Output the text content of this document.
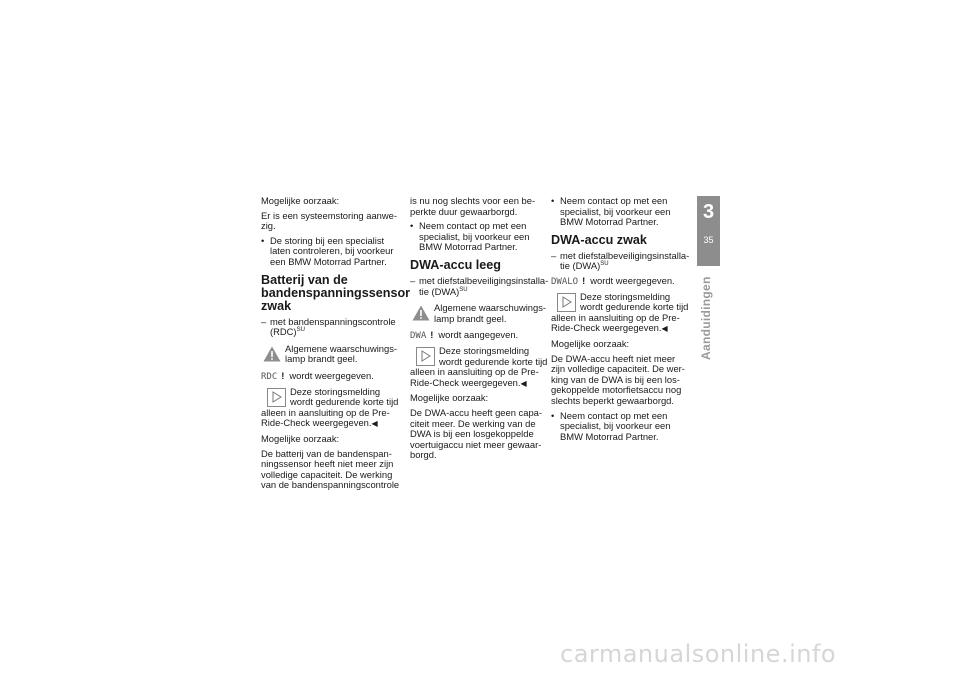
Mogelijke oorzaak:
Er is een systeemstoring aanwe-zig.
• De storing bij een specialist laten controleren, bij voorkeur een BMW Motorrad Partner.
Batterij van de bandenspanningssensor zwak
– met bandenspanningscontrole (RDC)$^{SU}$
Algemene waarschuwings-lamp brandt geel.
RDC ! wordt weergegeven.
Deze storingsmelding wordt gedurende korte tijd alleen in aansluiting op de Pre-Ride-Check weergegeven.◀
Mogelijke oorzaak:
De batterij van de bandenspan-ningssensor heeft niet meer zijn volledige capaciteit. De werking van de bandenspanningscontrole
is nu nog slechts voor een be-perkte duur gewaarborgd.
• Neem contact op met een specialist, bij voorkeur een BMW Motorrad Partner.
DWA-accu leeg
– met diefstalbeveiligingsinstalla-tie (DWA)$^{SU}$
Algemene waarschuwings-lamp brandt geel.
DWA ! wordt aangegeven.
Deze storingsmelding wordt gedurende korte tijd alleen in aansluiting op de Pre-Ride-Check weergegeven.◀
Mogelijke oorzaak:
De DWA-accu heeft geen capa-citeit meer. De werking van de DWA is bij een losgekoppelde voertuigaccu niet meer gewaar-borgd.
• Neem contact op met een specialist, bij voorkeur een BMW Motorrad Partner.
DWA-accu zwak
– met diefstalbeveiligingsinstalla-tie (DWA)$^{SU}$
DWALO ! wordt weergegeven.
Deze storingsmelding wordt gedurende korte tijd alleen in aansluiting op de Pre-Ride-Check weergegeven.◀
Mogelijke oorzaak:
De DWA-accu heeft niet meer zijn volledige capaciteit. De wer-king van de DWA is bij een los-gekoppelde motorfietsaccu nog slechts beperkt gewaarborgd.
• Neem contact op met een specialist, bij voorkeur een BMW Motorrad Partner.
3
35
Aanduidingen
carmanualsonline.info
